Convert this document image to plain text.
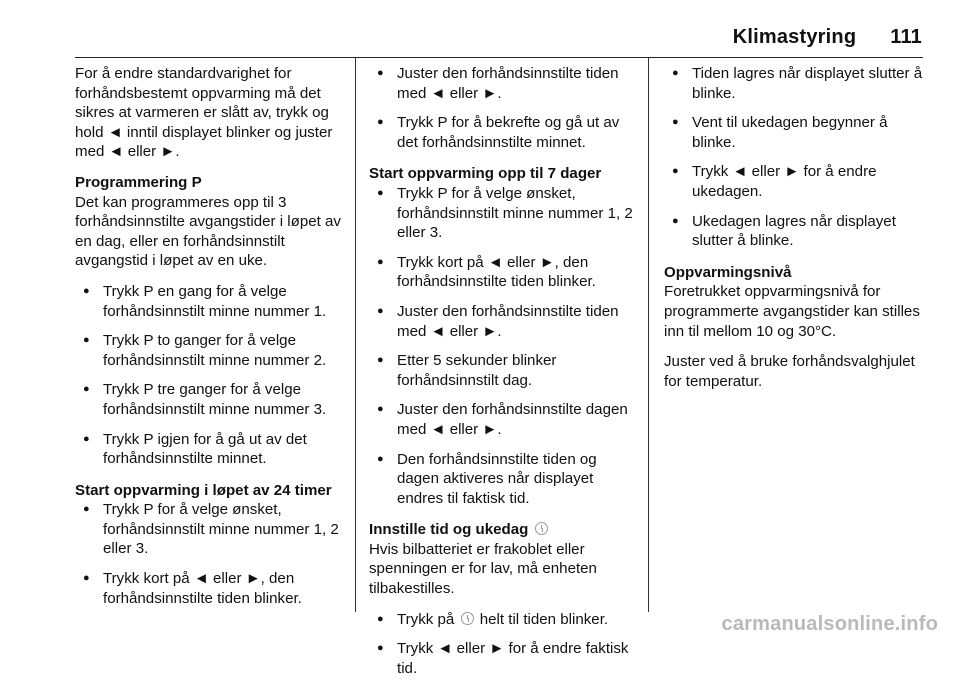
Klimastyring 111

For å endre standardvarighet for forhåndsbestemt oppvarming må det sikres at varmeren er slått av, trykk og hold ◄ inntil displayet blinker og juster med ◄ eller ►.

Programmering P
Det kan programmeres opp til 3 forhåndsinnstilte avgangstider i løpet av en dag, eller en forhåndsinnstilt avgangstid i løpet av en uke.

● Trykk P en gang for å velge forhåndsinnstilt minne nummer 1.
● Trykk P to ganger for å velge forhåndsinnstilt minne nummer 2.
● Trykk P tre ganger for å velge forhåndsinnstilt minne nummer 3.
● Trykk P igjen for å gå ut av det forhåndsinnstilte minnet.
Start oppvarming i løpet av 24 timer
● Trykk P for å velge ønsket, forhåndsinnstilt minne nummer 1, 2 eller 3.
● Trykk kort på ◄ eller ►, den forhåndsinnstilte tiden blinker.
● Juster den forhåndsinnstilte tiden med ◄ eller ►.
● Trykk P for å bekrefte og gå ut av det forhåndsinnstilte minnet.
Start oppvarming opp til 7 dager
● Trykk P for å velge ønsket, forhåndsinnstilt minne nummer 1, 2 eller 3.
● Trykk kort på ◄ eller ►, den forhåndsinnstilte tiden blinker.
● Juster den forhåndsinnstilte tiden med ◄ eller ►.
● Etter 5 sekunder blinker forhåndsinnstilt dag.
● Juster den forhåndsinnstilte dagen med ◄ eller ►.
● Den forhåndsinnstilte tiden og dagen aktiveres når displayet endres til faktisk tid.

Innstille tid og ukedag
Hvis bilbatteriet er frakoblet eller spenningen er for lav, må enheten tilbakestilles.

● Trykk på helt til tiden blinker.
● Trykk ◄ eller ► for å endre faktisk tid.
● Tiden lagres når displayet slutter å blinke.
● Vent til ukedagen begynner å blinke.
● Trykk ◄ eller ► for å endre ukedagen.
● Ukedagen lagres når displayet slutter å blinke.

Oppvarmingsnivå
Foretrukket oppvarmingsnivå for programmerte avgangstider kan stilles inn til mellom 10 og 30°C.

Juster ved å bruke forhåndsvalghjulet for temperatur.

carmanualsonline.info
